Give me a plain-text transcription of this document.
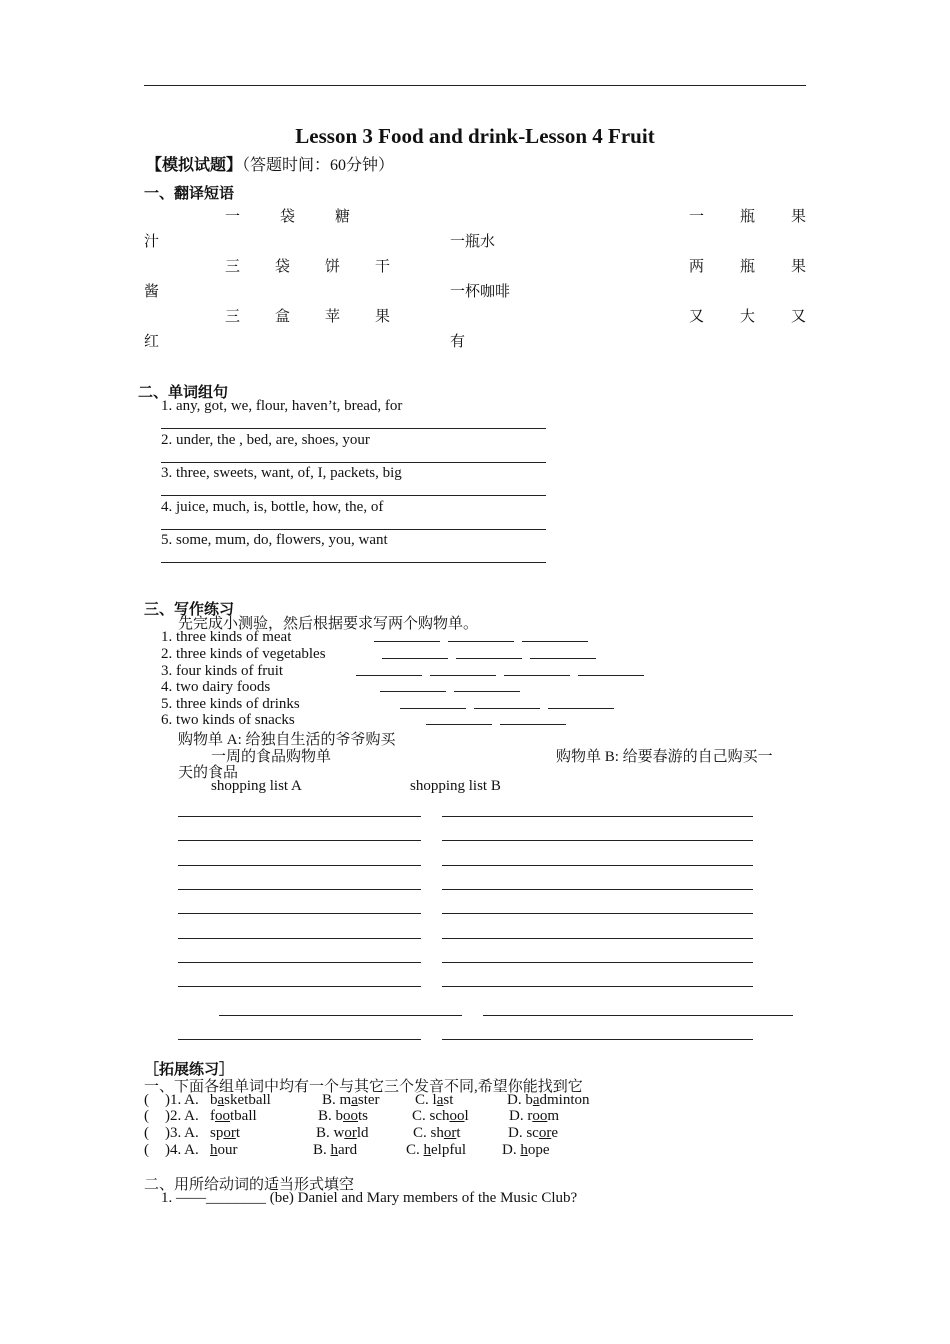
Lesson 3 Food and drink-Lesson 4 Fruit
【模拟试题】（答题时间：60分钟）
一、翻译短语
一	袋	糖	一 瓶 果
汁	一瓶水
三 袋 饼 干	两 瓶 果
酱	一杯咖啡
三 盒 苹 果	又 大 又
红	有
二、单词组句
1. any, got, we, flour, haven’t, bread, for
2. under, the , bed, are, shoes, your
3. three, sweets, want, of, I, packets, big
4. juice, much, is, bottle, how, the, of
5. some, mum, do, flowers, you, want
三、写作练习
先完成小测验，然后根据要求写两个购物单。
1. three kinds of meat
2. three kinds of vegetables
3. four kinds of fruit
4. two dairy foods
5. three kinds of drinks
6. two kinds of snacks
购物单 A: 给独自生活的爷爷购买
一周的食品购物单	购物单 B: 给要春游的自己购买一
天的食品
shopping list A	shopping list B
［拓展练习］
一、下面各组单词中均有一个与其它三个发音不同,希望你能找到它
( )1. A. basketball	B. master C. last	D. badminton
( )2. A. football	B. boots	C. school	D. room
( )3. A. sport	B. world	C. short	D. score
( )4. A. hour	B. hard	C. helpful D. hope
二、用所给动词的适当形式填空
1. ——________ (be) Daniel and Mary members of the Music Club?
